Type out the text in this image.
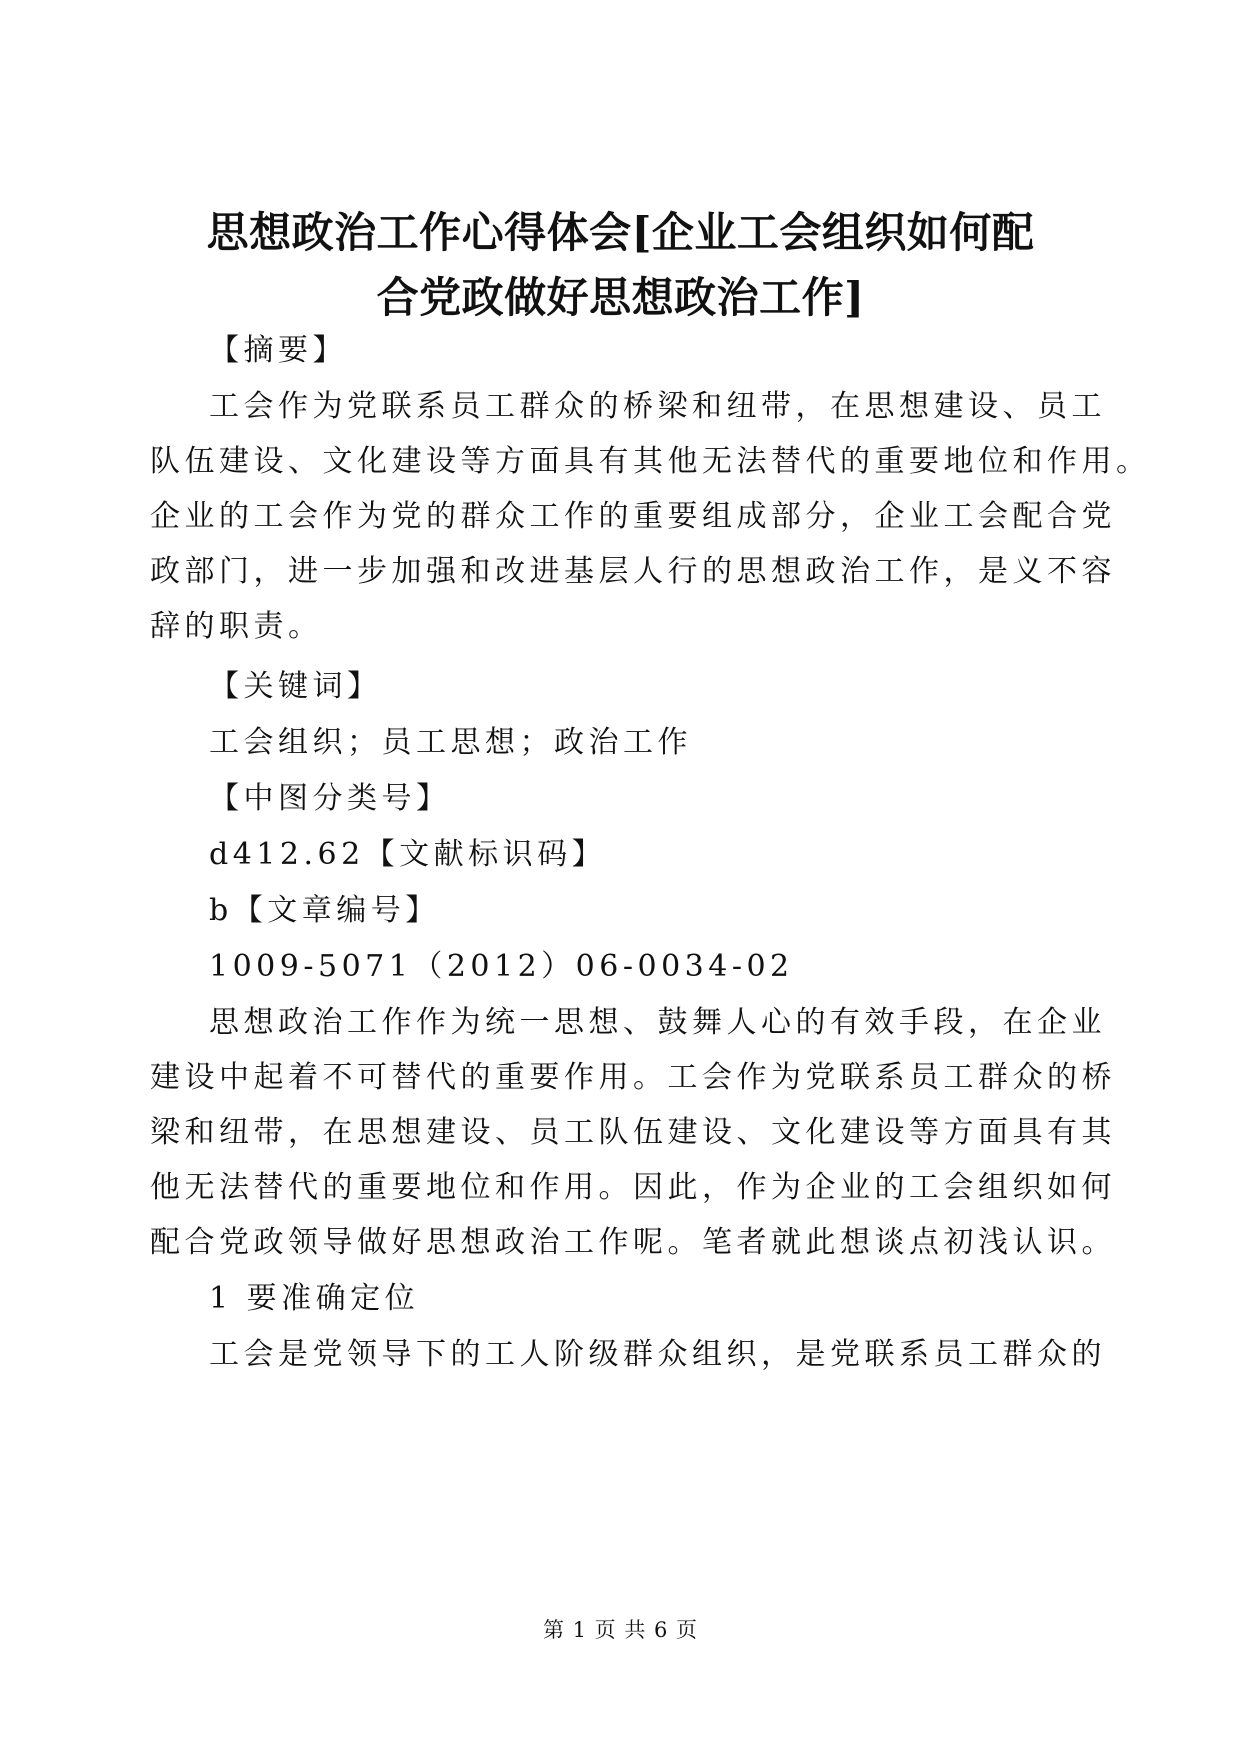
思想政治工作心得体会[企业工会组织如何配
合党政做好思想政治工作]

【摘要】

工会作为党联系员工群众的桥梁和纽带，在思想建设、员工

队伍建设、文化建设等方面具有其他无法替代的重要地位和作用。

企业的工会作为党的群众工作的重要组成部分，企业工会配合党

政部门，进一步加强和改进基层人行的思想政治工作，是义不容

辞的职责。

【关键词】

工会组织；员工思想；政治工作

【中图分类号】

d412.62【文献标识码】

b【文章编号】

1009-5071（2012）06-0034-02

思想政治工作作为统一思想、鼓舞人心的有效手段，在企业

建设中起着不可替代的重要作用。工会作为党联系员工群众的桥

梁和纽带，在思想建设、员工队伍建设、文化建设等方面具有其

他无法替代的重要地位和作用。因此，作为企业的工会组织如何

配合党政领导做好思想政治工作呢。笔者就此想谈点初浅认识。

1 要准确定位

工会是党领导下的工人阶级群众组织，是党联系员工群众的

第 1 页 共 6 页
